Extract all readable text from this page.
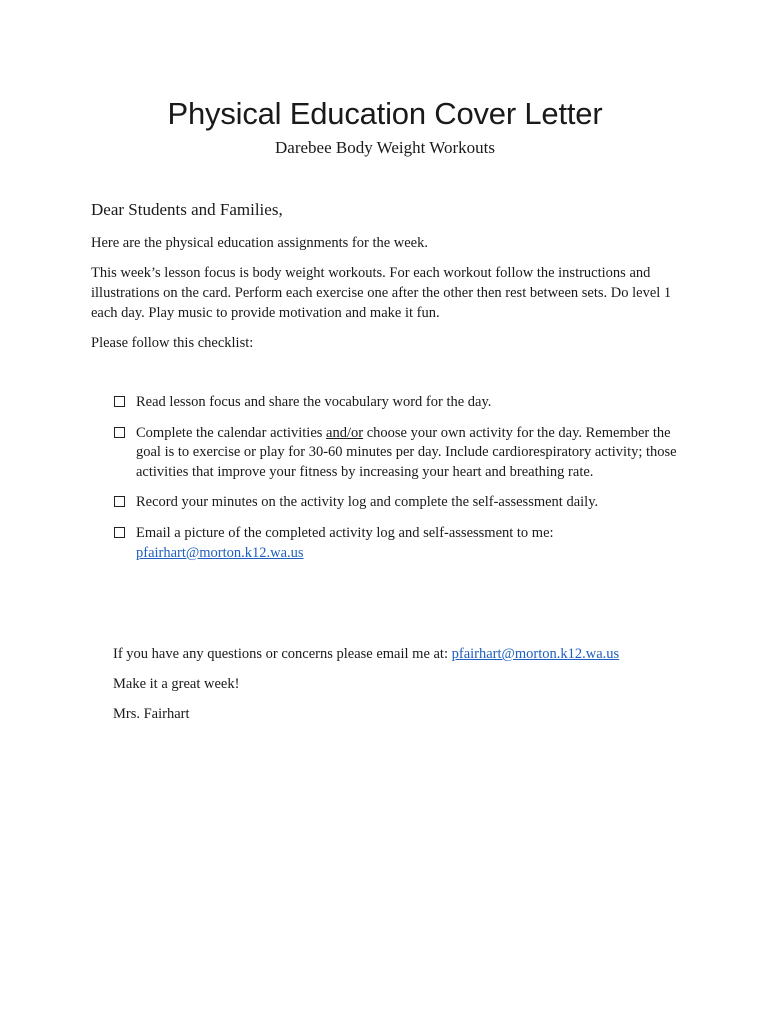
Physical Education Cover Letter
Darebee Body Weight Workouts
Dear Students and Families,
Here are the physical education assignments for the week.
This week’s lesson focus is body weight workouts. For each workout follow the instructions and illustrations on the card. Perform each exercise one after the other then rest between sets. Do level 1 each day. Play music to provide motivation and make it fun.
Please follow this checklist:
Read lesson focus and share the vocabulary word for the day.
Complete the calendar activities and/or choose your own activity for the day. Remember the goal is to exercise or play for 30-60 minutes per day. Include cardiorespiratory activity; those activities that improve your fitness by increasing your heart and breathing rate.
Record your minutes on the activity log and complete the self-assessment daily.
Email a picture of the completed activity log and self-assessment to me:
pfairhart@morton.k12.wa.us
If you have any questions or concerns please email me at: pfairhart@morton.k12.wa.us
Make it a great week!
Mrs. Fairhart
